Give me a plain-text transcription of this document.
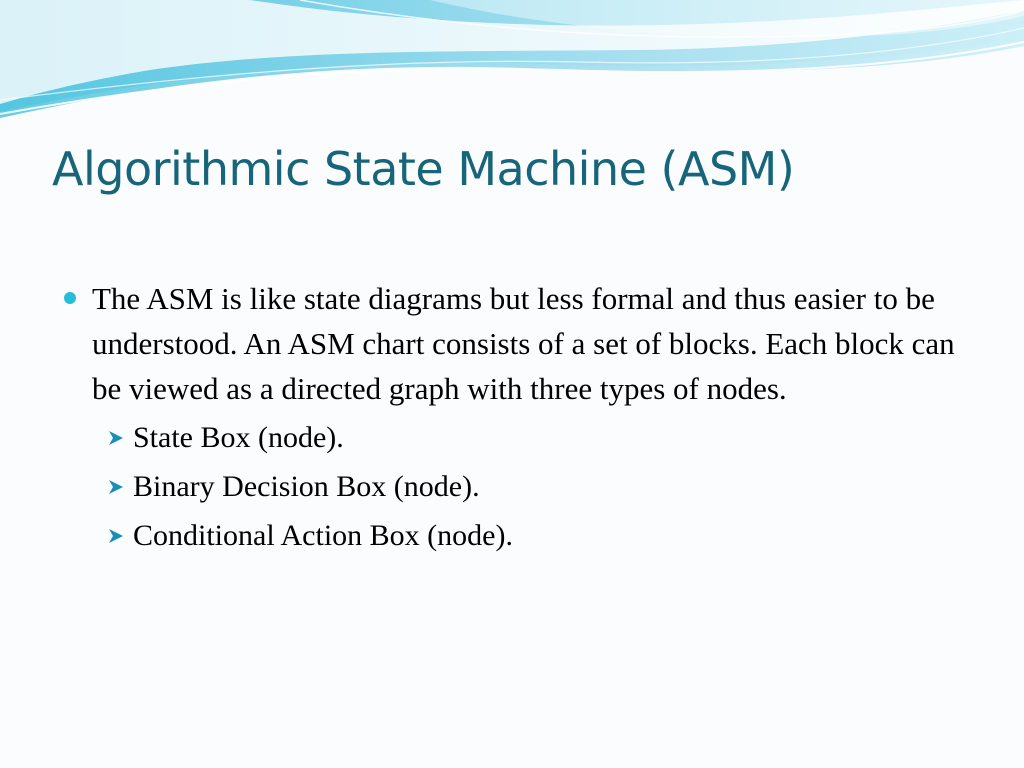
Algorithmic State Machine (ASM)
The ASM is like state diagrams but less formal and thus easier to be understood. An ASM chart consists of a set of blocks. Each block can be viewed as a directed graph with three types of nodes.
State Box (node).
Binary Decision Box (node).
Conditional Action Box (node).
